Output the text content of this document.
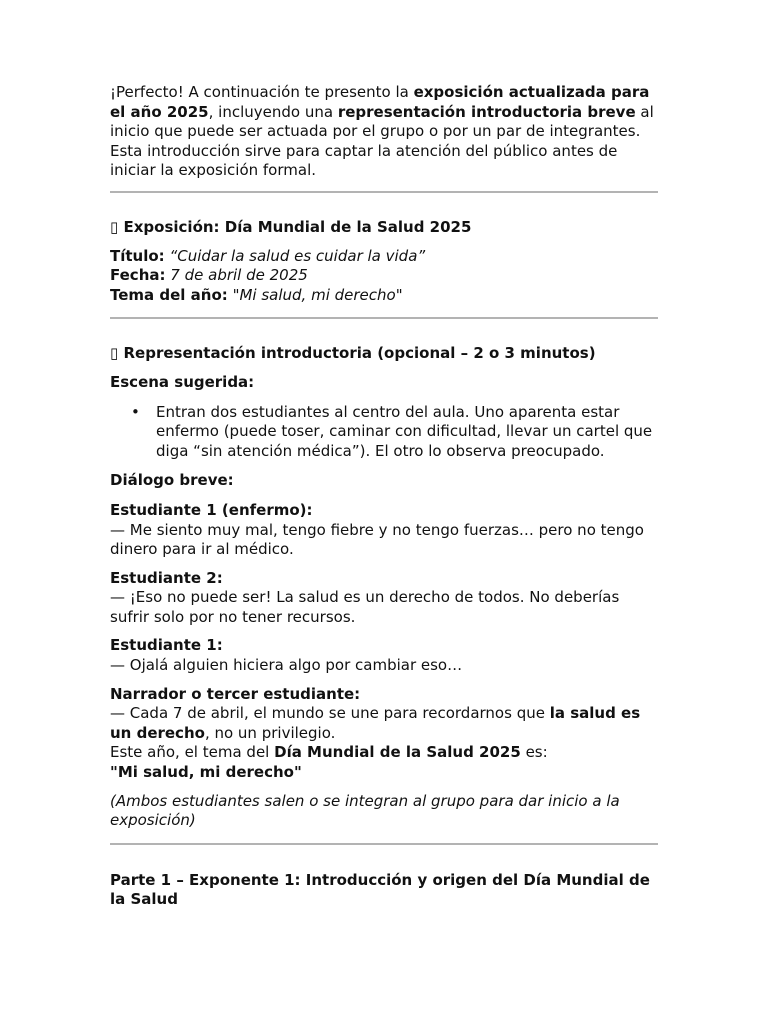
¡Perfecto! A continuación te presento la exposición actualizada para el año 2025, incluyendo una representación introductoria breve al inicio que puede ser actuada por el grupo o por un par de integrantes. Esta introducción sirve para captar la atención del público antes de iniciar la exposición formal.

▯ Exposición: Día Mundial de la Salud 2025

Título: “Cuidar la salud es cuidar la vida”

Fecha: 7 de abril de 2025

Tema del año: "Mi salud, mi derecho"

▯ Representación introductoria (opcional – 2 o 3 minutos)

Escena sugerida:

• Entran dos estudiantes al centro del aula. Uno aparenta estar enfermo (puede toser, caminar con dificultad, llevar un cartel que diga “sin atención médica”). El otro lo observa preocupado.

Diálogo breve:

Estudiante 1 (enfermo):

— Me siento muy mal, tengo fiebre y no tengo fuerzas… pero no tengo dinero para ir al médico.

Estudiante 2:

— ¡Eso no puede ser! La salud es un derecho de todos. No deberías sufrir solo por no tener recursos.

Estudiante 1:

— Ojalá alguien hiciera algo por cambiar eso…

Narrador o tercer estudiante:

— Cada 7 de abril, el mundo se une para recordarnos que la salud es un derecho, no un privilegio.

Este año, el tema del Día Mundial de la Salud 2025 es:

"Mi salud, mi derecho"

(Ambos estudiantes salen o se integran al grupo para dar inicio a la exposición)

Parte 1 – Exponente 1: Introducción y origen del Día Mundial de la Salud
